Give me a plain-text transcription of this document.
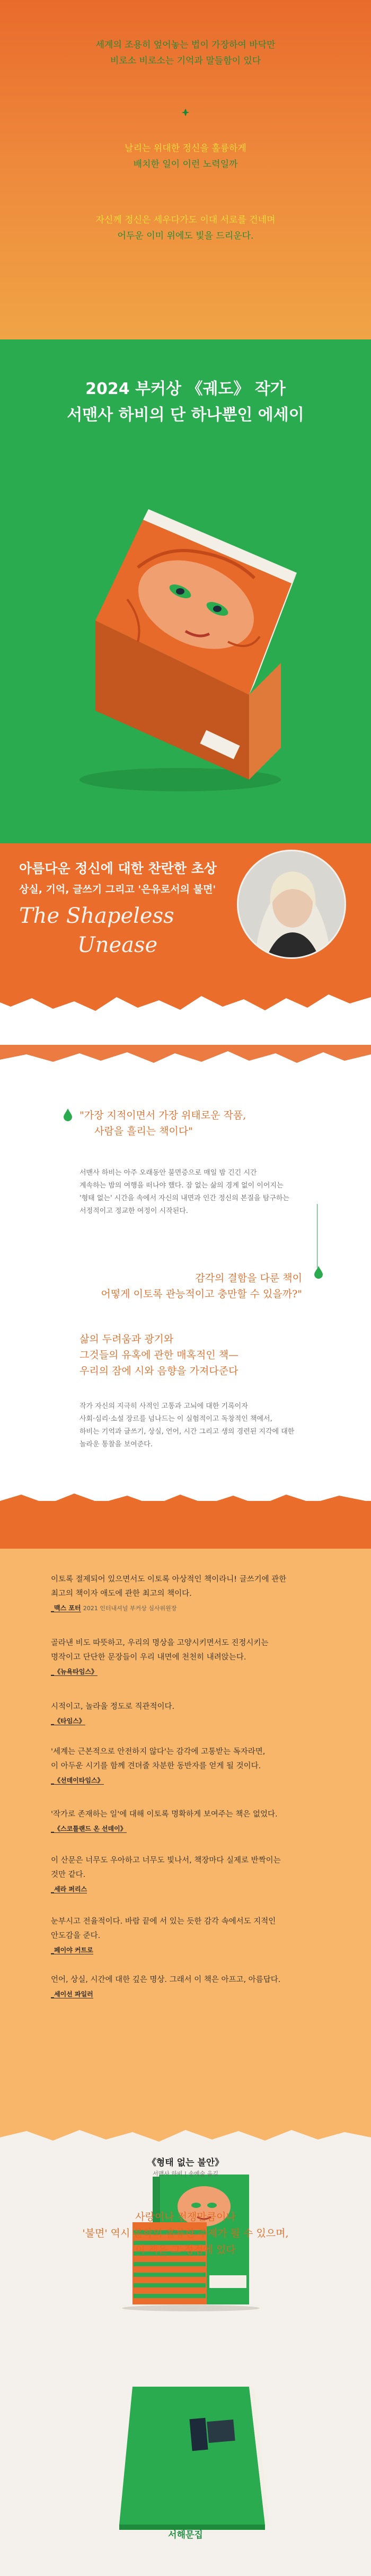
세계의 조용히 엎어놓는 법이 가장하여 바닥만
비로소 비로소는 기억과 말들함이 있다
날리는 위대한 정신을 훌륭하게
배치한 일이 이런 노력일까
자신께 정신은 세우다가도 이대 서로를 건네며
어두운 이미 위에도 빛을 드리운다.
2024 부커상 《궤도》 작가
서맨사 하비의 단 하나뿐인 에세이
아름다운 정신에 대한 찬란한 초상
상실, 기억, 글쓰기 그리고 '은유로서의 불면'
The Shapeless
Unease
"가장 지적이면서 가장 위태로운 작품,
사람을 흘리는 책이다"
서맨사 하비는 아주 오래동안 불면증으로 매일 밤 긴긴 시간
계속하는 밤의 여행을 떠나야 했다. 잠 없는 삶의 경계 없이 이어지는
'형태 없는' 시간을 속에서 자신의 내면과 인간 정신의 본질을 탐구하는
서정적이고 정교한 여정이 시작된다.
감각의 결함을 다룬 책이
어떻게 이토록 관능적이고 충만할 수 있을까?"
삶의 두려움과 광기와
그것들의 유혹에 관한 매혹적인 책—
우리의 잠에 시와 음향을 가져다준다
작가 자신의 지극히 사적인 고통과 고뇌에 대한 기록이자
사회·심리·소설 장르를 넘나드는 이 실험적이고 독창적인 책에서,
하비는 기억과 글쓰기, 상실, 언어, 시간 그리고 생의 경련된 지각에 대한
놀라운 통찰을 보여준다.
이토록 절제되어 있으면서도 이토록 아상적인 책이라니! 글쓰기에 관한
최고의 책이자 애도에 관한 최고의 책이다.
_맥스 포터 2021 인터내셔널 부커상 심사위원장
골라낸 비도 따뜻하고, 우리의 명상을 고양시키면서도 진정시키는
명작이고 단단한 문장들이 우리 내면에 천천히 내려앉는다.
_《뉴욕타임스》
시적이고, 놀라울 정도로 직관적이다.
_《타임스》
'세계는 근본적으로 안전하지 않다'는 감각에 고통받는 독자라면,
이 아두운 시기를 함께 견뎌줄 차분한 동반자를 얻게 될 것이다.
_《선데이타임스》
'작가로 존재하는 일'에 대해 이토록 명확하게 보여주는 책은 없었다.
_《스코틀랜드 온 선데이》
이 산문은 너무도 우아하고 너무도 빛나서, 책장마다 실제로 반짝이는
것만 같다.
_세라 퍼리스
눈부시고 전율적이다. 바람 끝에 서 있는 듯한 감각 속에서도 지적인
안도감을 준다.
_페이야 커트로
언어, 상실, 시간에 대한 깊은 명상. 그래서 이 책은 아프고, 아름답다.
_세이선 파일러
《형태 없는 불안》
서맨사 하비 | 송예술 옮김
사랑이나 전쟁만큼이나
'불면' 역시 문학의 훌륭한 주제가 될 수 있으며,
이 책은 그 정점에 있다
서해문집
